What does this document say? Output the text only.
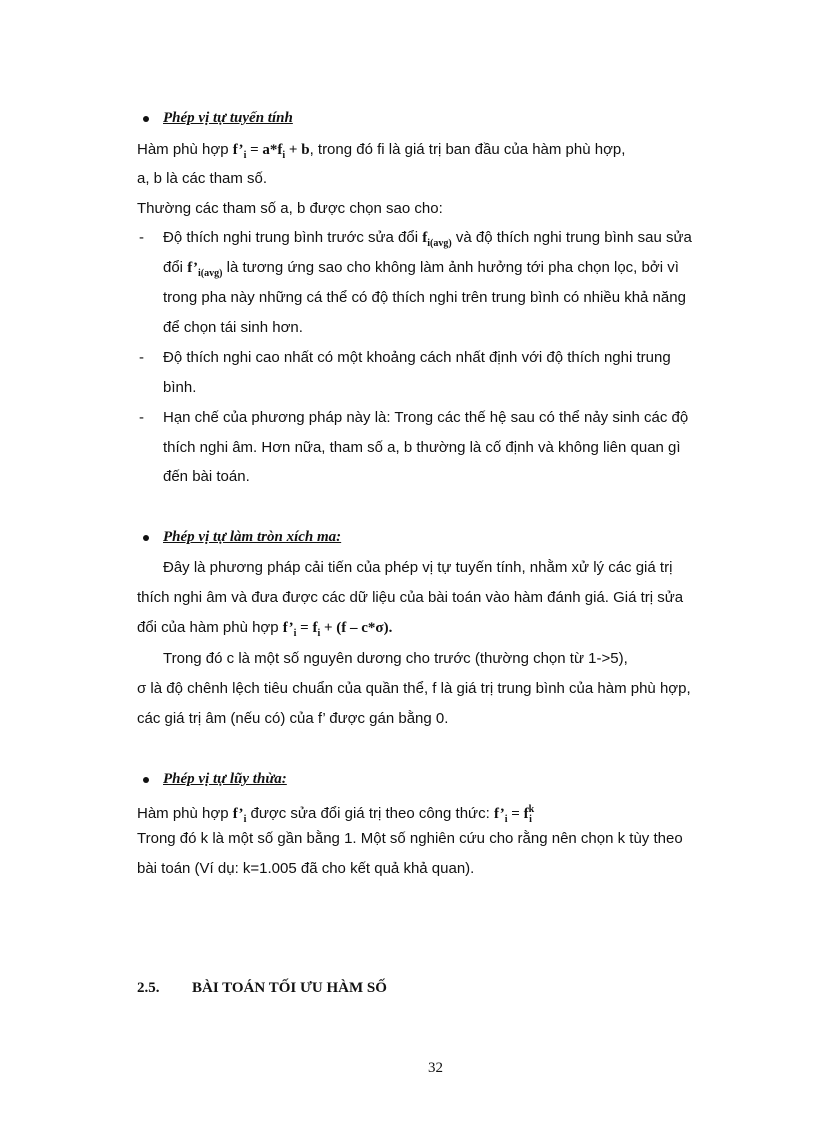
Phép vị tự tuyến tính
Hàm phù hợp $f’_i = a*f_i + b$, trong đó fi là giá trị ban đầu của hàm phù hợp,
a, b là các tham số.
Thường các tham số a, b được chọn sao cho:
- Độ thích nghi trung bình trước sửa đổi $f_{i(avg)}$ và độ thích nghi trung bình sau sửa
đổi $f’_{i(avg)}$ là tương ứng sao cho không làm ảnh hưởng tới pha chọn lọc, bởi vì
trong pha này những cá thể có độ thích nghi trên trung bình có nhiều khả năng
để chọn tái sinh hơn.
- Độ thích nghi cao nhất có một khoảng cách nhất định với độ thích nghi trung
bình.
- Hạn chế của phương pháp này là: Trong các thế hệ sau có thể nảy sinh các độ
thích nghi âm. Hơn nữa, tham số a, b thường là cố định và không liên quan gì
đến bài toán.
Phép vị tự làm tròn xích ma:
Đây là phương pháp cải tiến của phép vị tự tuyến tính, nhằm xử lý các giá trị
thích nghi âm và đưa được các dữ liệu của bài toán vào hàm đánh giá. Giá trị sửa
đổi của hàm phù hợp $f’_i = f_i + (f - c*\sigma)$.
Trong đó c là một số nguyên dương cho trước (thường chọn từ 1->5),
σ là độ chênh lệch tiêu chuẩn của quần thể, f là giá trị trung bình của hàm phù hợp,
các giá trị âm (nếu có) của f’ được gán bằng 0.
Phép vị tự lũy thừa:
Hàm phù hợp $f’_i$ được sửa đổi giá trị theo công thức: $f’_i = f^k_i$
Trong đó k là một số gần bằng 1. Một số nghiên cứu cho rằng nên chọn k tùy theo
bài toán (Ví dụ: k=1.005 đã cho kết quả khả quan).
2.5. BÀI TOÁN TỐI ƯU HÀM SỐ
32
